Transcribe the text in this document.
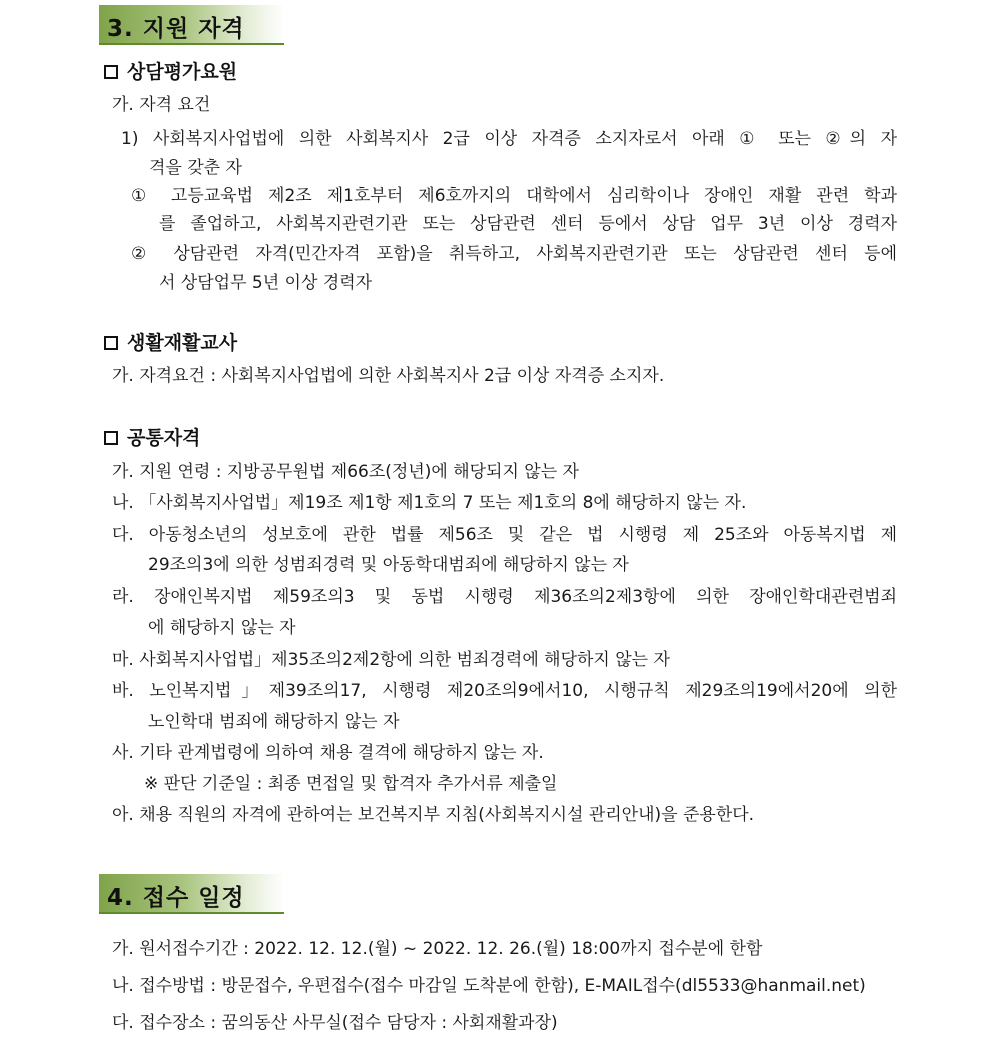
3. 지원 자격
상담평가요원
가. 자격 요건
1) 사회복지사업법에 의한 사회복지사 2급 이상 자격증 소지자로서 아래 ① 또는 ②의 자
격을 갖춘 자
① 고등교육법 제2조 제1호부터 제6호까지의 대학에서 심리학이나 장애인 재활 관련 학과
를 졸업하고, 사회복지관련기관 또는 상담관련 센터 등에서 상담 업무 3년 이상 경력자
② 상담관련 자격(민간자격 포함)을 취득하고, 사회복지관련기관 또는 상담관련 센터 등에
서 상담업무 5년 이상 경력자
생활재활교사
가. 자격요건 : 사회복지사업법에 의한 사회복지사 2급 이상 자격증 소지자.
공통자격
가. 지원 연령 : 지방공무원법 제66조(정년)에 해당되지 않는 자
나. 「사회복지사업법」제19조 제1항 제1호의 7 또는 제1호의 8에 해당하지 않는 자.
다. 아동청소년의 성보호에 관한 법률 제56조 및 같은 법 시행령 제 25조와 아동복지법 제
29조의3에 의한 성범죄경력 및 아동학대범죄에 해당하지 않는 자
라. 장애인복지법 제59조의3 및 동법 시행령 제36조의2제3항에 의한 장애인학대관련범죄
에 해당하지 않는 자
마. 사회복지사업법」제35조의2제2항에 의한 범죄경력에 해당하지 않는 자
바. 노인복지법」제39조의17, 시행령 제20조의9에서10, 시행규칙 제29조의19에서20에 의한
노인학대 범죄에 해당하지 않는 자
사. 기타 관계법령에 의하여 채용 결격에 해당하지 않는 자.
※ 판단 기준일 : 최종 면접일 및 합격자 추가서류 제출일
아. 채용 직원의 자격에 관하여는 보건복지부 지침(사회복지시설 관리안내)을 준용한다.
4. 접수 일정
가. 원서접수기간 : 2022. 12. 12.(월) ~ 2022. 12. 26.(월) 18:00까지 접수분에 한함
나. 접수방법 : 방문접수, 우편접수(접수 마감일 도착분에 한함), E-MAIL접수(dl5533@hanmail.net)
다. 접수장소 : 꿈의동산 사무실(접수 담당자 : 사회재활과장)
